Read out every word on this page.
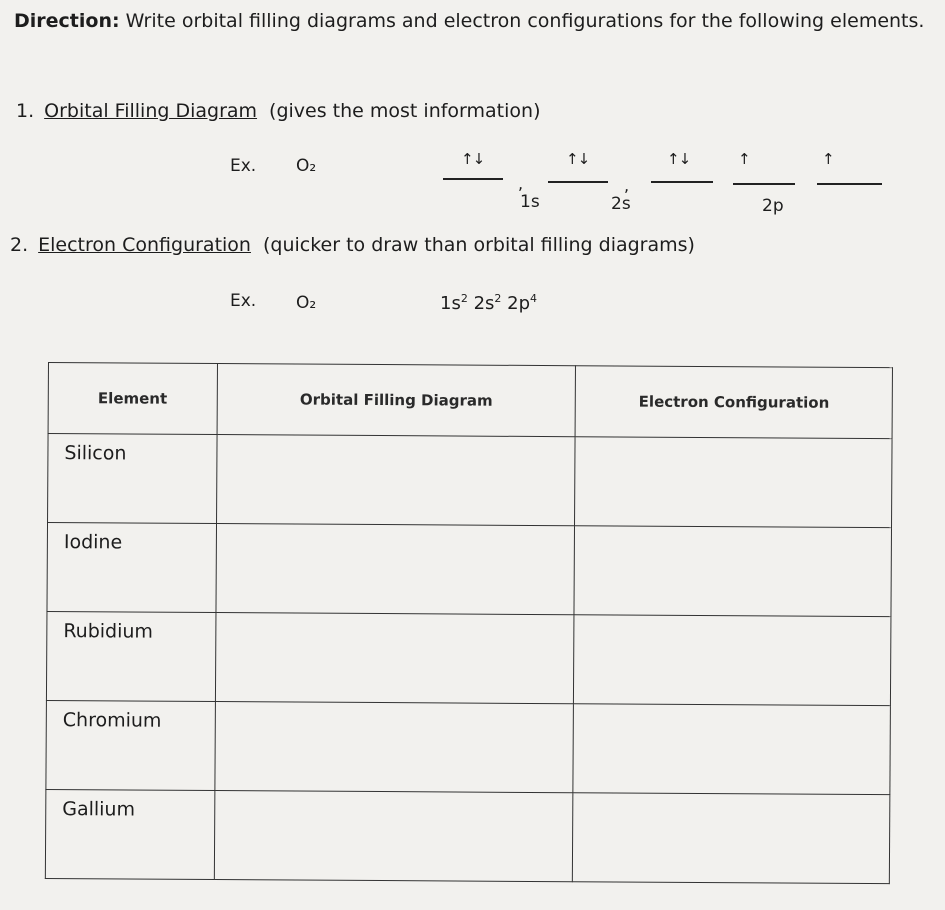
Direction: Write orbital filling diagrams and electron configurations for the following elements.
1. Orbital Filling Diagram (gives the most information)
Ex. O₂	↑↓
,
↑↓
,
↑↓	↑	↑
1s	2s	2p
2. Electron Configuration (quicker to draw than orbital filling diagrams)
Ex. O₂	$1s^2$ $2s^2$ $2p^4$
Element	Orbital Filling Diagram	Electron Configuration

Silicon		

Iodine		

Rubidium		

Chromium		

Gallium		
